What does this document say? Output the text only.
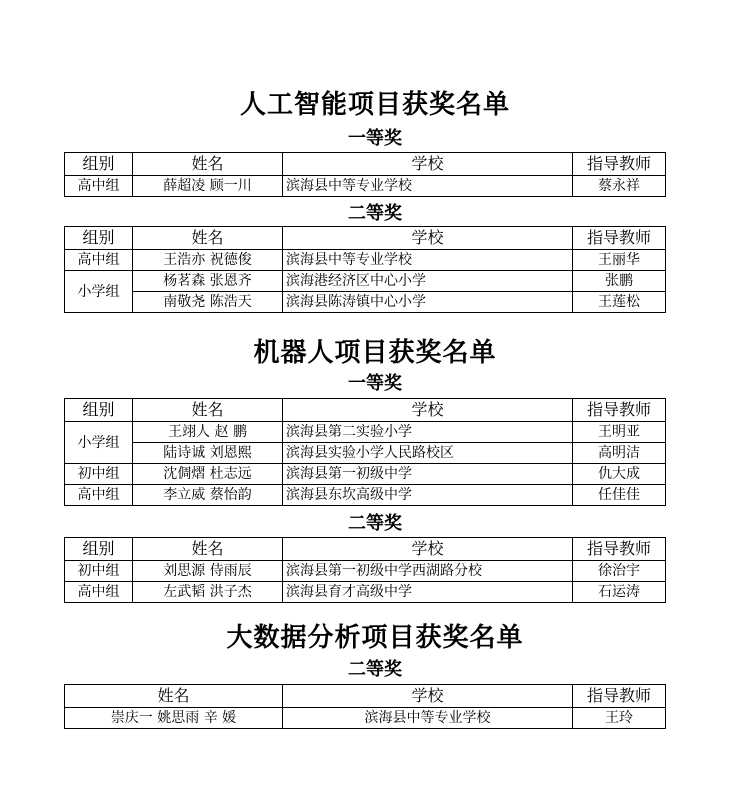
人工智能项目获奖名单
一等奖
组别	姓名	学校	指导教师
高中组	薛超凌 顾一川	滨海县中等专业学校	蔡永祥
二等奖
组别	姓名	学校	指导教师
高中组	王浩亦 祝德俊	滨海县中等专业学校	王丽华
小学组	杨茗森 张恩齐	滨海港经济区中心小学	张鹏
	南敬尧 陈浩天	滨海县陈涛镇中心小学	王莲松
机器人项目获奖名单
一等奖
组别	姓名	学校	指导教师
小学组	王翊人 赵 鹏	滨海县第二实验小学	王明亚
	陆诗诚 刘恩熙	滨海县实验小学人民路校区	高明洁
初中组	沈倜熠 杜志远	滨海县第一初级中学	仇大成
高中组	李立威 蔡怡韵	滨海县东坎高级中学	任佳佳
二等奖
组别	姓名	学校	指导教师
初中组	刘思源 侍雨辰	滨海县第一初级中学西湖路分校	徐治宇
高中组	左武韬 洪子杰	滨海县育才高级中学	石运涛
大数据分析项目获奖名单
二等奖
姓名	学校	指导教师
崇庆一 姚思雨 辛 媛	滨海县中等专业学校	王玲
